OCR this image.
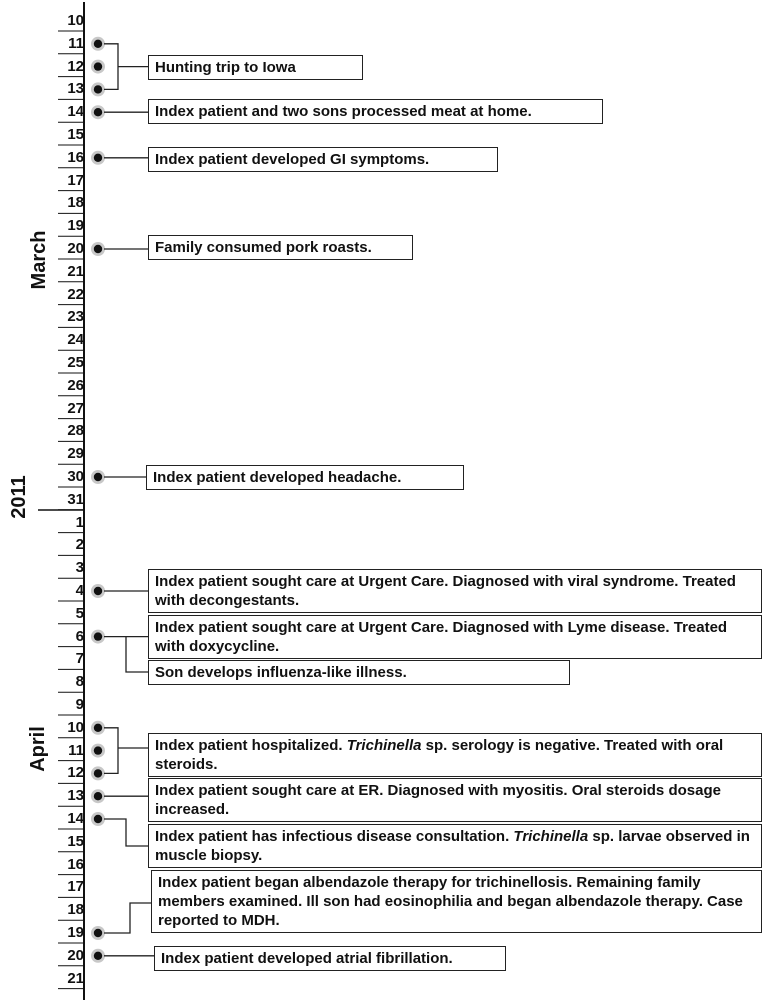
10
11
12
13
14
15
16
17
18
19
20
21
22
23
24
25
26
27
28
29
30
31
1
2
3
4
5
6
7
8
9
10
11
12
13
14
15
16
17
18
19
20
21
Hunting trip to Iowa
Index patient and two sons processed meat at home.
Index patient developed GI symptoms.
Family consumed pork roasts.
Index patient developed headache.
Index patient sought care at Urgent Care. Diagnosed with viral syndrome. Treated with decongestants.
Index patient sought care at Urgent Care. Diagnosed with Lyme disease. Treated with doxycycline.
Son develops influenza-like illness.
Index patient hospitalized. Trichinella sp. serology is negative. Treated with oral steroids.
Index patient sought care at ER. Diagnosed with myositis. Oral steroids dosage increased.
Index patient has infectious disease consultation. Trichinella sp. larvae observed in muscle biopsy.
Index patient began albendazole therapy for trichinellosis. Remaining family members examined. Ill son had eosinophilia and began albendazole therapy. Case reported to MDH.
Index patient developed atrial fibrillation.
2011
March
April
